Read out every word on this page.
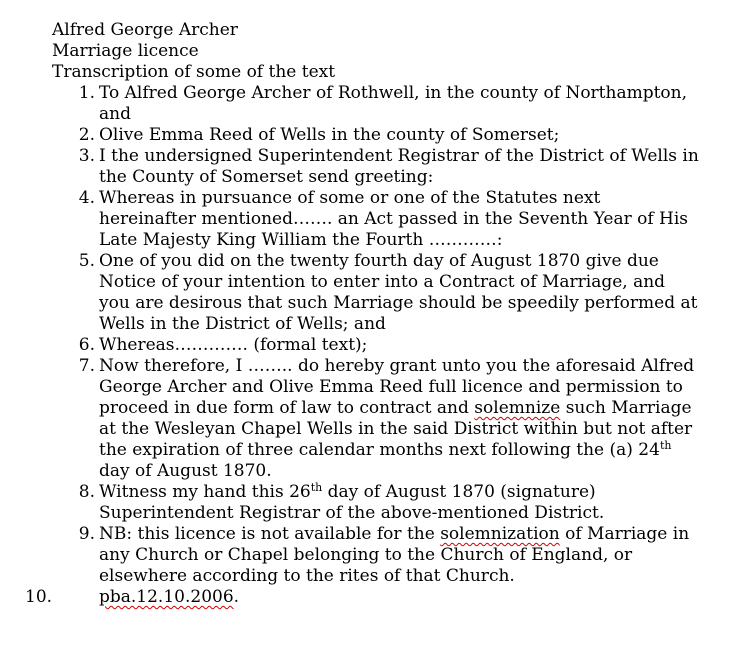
Alfred George Archer
Marriage licence
Transcription of some of the text
1. To Alfred George Archer of Rothwell, in the county of Northampton, and
2. Olive Emma Reed of Wells in the county of Somerset;
3. I the undersigned Superintendent Registrar of the District of Wells in the County of Somerset send greeting:
4. Whereas in pursuance of some or one of the Statutes next hereinafter mentioned……. an Act passed in the Seventh Year of His Late Majesty King William the Fourth …………:
5. One of you did on the twenty fourth day of August 1870 give due Notice of your intention to enter into a Contract of Marriage, and you are desirous that such Marriage should be speedily performed at Wells in the District of Wells; and
6. Whereas…………. (formal text);
7. Now therefore, I …….. do hereby grant unto you the aforesaid Alfred George Archer and Olive Emma Reed full licence and permission to proceed in due form of law to contract and solemnize such Marriage at the Wesleyan Chapel Wells in the said District within but not after the expiration of three calendar months next following the (a) 24th day of August 1870.
8. Witness my hand this 26th day of August 1870 (signature) Superintendent Registrar of the above-mentioned District.
9. NB: this licence is not available for the solemnization of Marriage in any Church or Chapel belonging to the Church of England, or elsewhere according to the rites of that Church.
10.	pba.12.10.2006.
